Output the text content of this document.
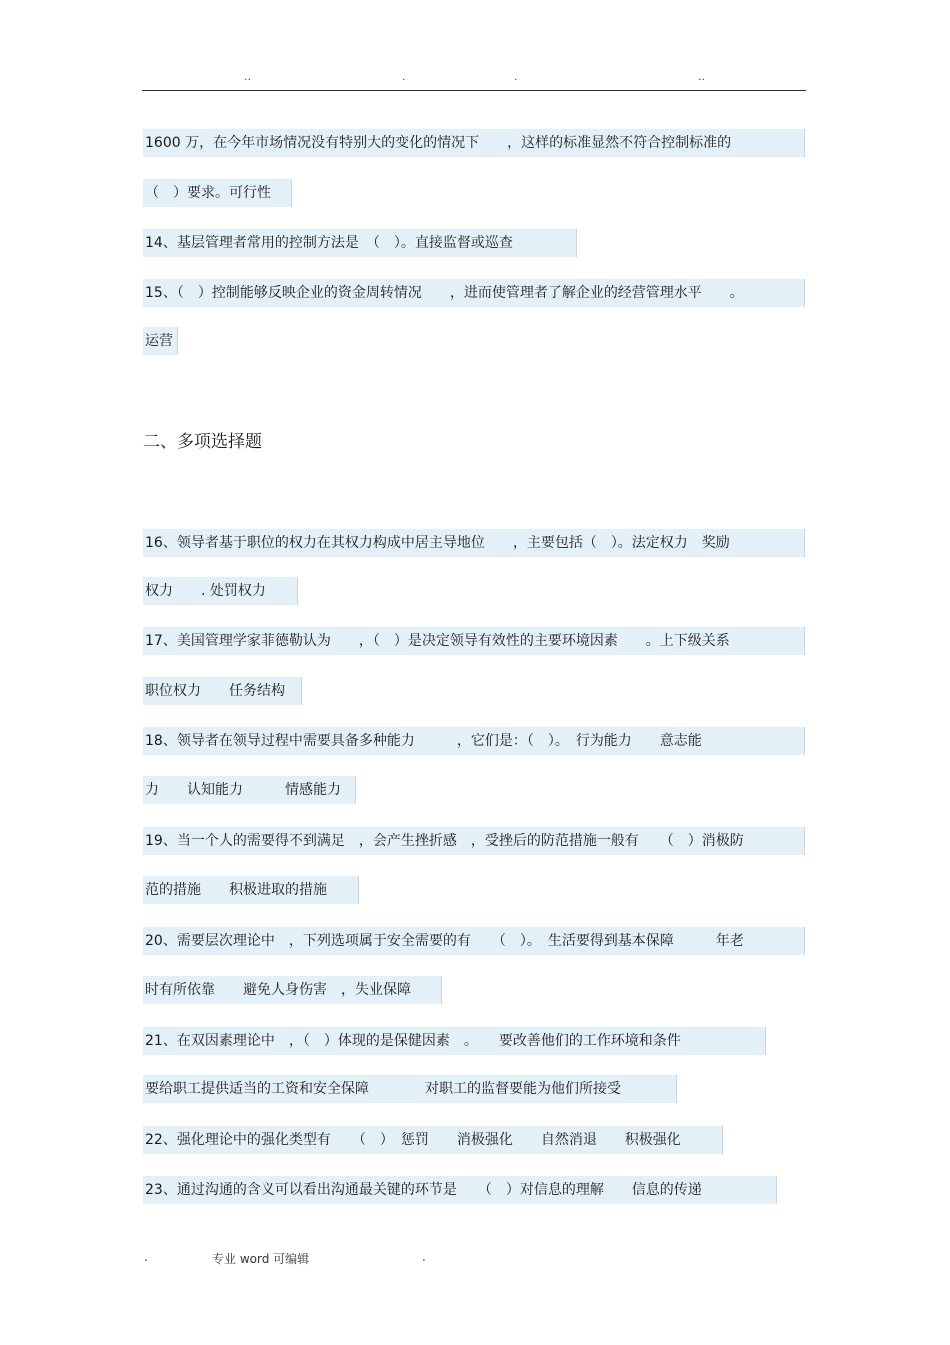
..	.	.	..
1600 万，在今年市场情况没有特别大的变化的情况下　　，这样的标准显然不符合控制标准的
（　）要求。可行性
14、基层管理者常用的控制方法是　（　）。直接监督或巡查
15、（　）控制能够反映企业的资金周转情况　　，进而使管理者了解企业的经营管理水平　　。
运营
二、多项选择题
16、领导者基于职位的权力在其权力构成中居主导地位　　，主要包括（　）。法定权力　奖励
权力　　. 处罚权力
17、美国管理学家菲德勒认为　　，（　）是决定领导有效性的主要环境因素　　。上下级关系
职位权力　　任务结构
18、领导者在领导过程中需要具备多种能力　　　，它们是：（　）。　行为能力　　意志能
力　　认知能力　　　情感能力
19、当一个人的需要得不到满足　，会产生挫折感　，受挫后的防范措施一般有　　（　）消极防
范的措施　　积极进取的措施
20、需要层次理论中　，下列选项属于安全需要的有　　（　）。　生活要得到基本保障　　　年老
时有所依靠　　避免人身伤害　，失业保障
21、在双因素理论中　，（　）体现的是保健因素　。　　要改善他们的工作环境和条件
要给职工提供适当的工资和安全保障　　　　对职工的监督要能为他们所接受
22、强化理论中的强化类型有　　（　）　惩罚　　消极强化　　自然消退　　积极强化
23、通过沟通的含义可以看出沟通最关键的环节是　　（　）对信息的理解　　信息的传递
.	专业 word 可编辑	.
